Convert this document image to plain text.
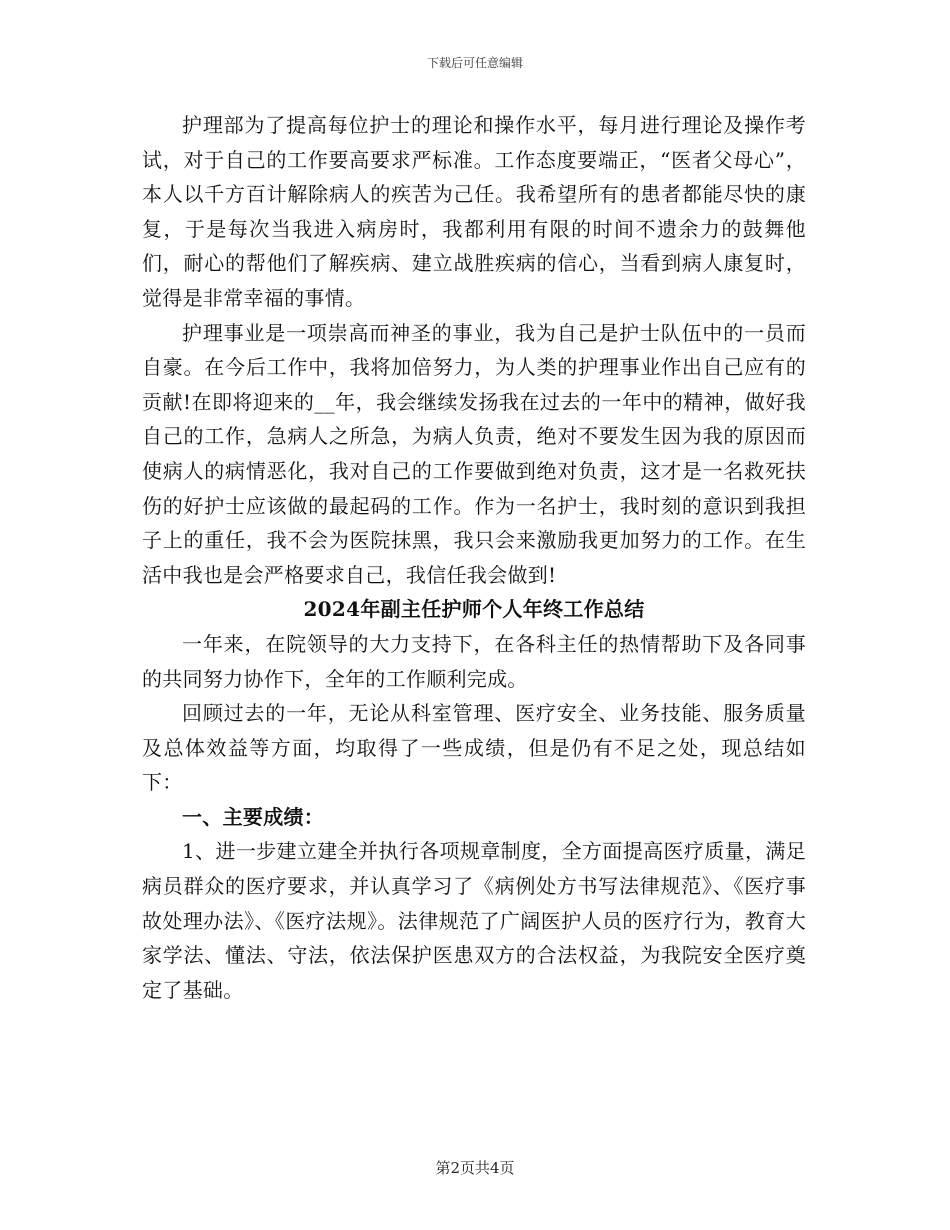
下载后可任意编辑

护理部为了提高每位护士的理论和操作水平，每月进行理论及操作考试，对于自己的工作要高要求严标准。工作态度要端正，“医者父母心”，本人以千方百计解除病人的疾苦为己任。我希望所有的患者都能尽快的康复，于是每次当我进入病房时，我都利用有限的时间不遗余力的鼓舞他们，耐心的帮他们了解疾病、建立战胜疾病的信心，当看到病人康复时，觉得是非常幸福的事情。

护理事业是一项崇高而神圣的事业，我为自己是护士队伍中的一员而自豪。在今后工作中，我将加倍努力，为人类的护理事业作出自己应有的贡献!在即将迎来的__年，我会继续发扬我在过去的一年中的精神，做好我自己的工作，急病人之所急，为病人负责，绝对不要发生因为我的原因而使病人的病情恶化，我对自己的工作要做到绝对负责，这才是一名救死扶伤的好护士应该做的最起码的工作。作为一名护士，我时刻的意识到我担子上的重任，我不会为医院抹黑，我只会来激励我更加努力的工作。在生活中我也是会严格要求自己，我信任我会做到!

2024年副主任护师个人年终工作总结

一年来，在院领导的大力支持下，在各科主任的热情帮助下及各同事的共同努力协作下，全年的工作顺利完成。

回顾过去的一年，无论从科室管理、医疗安全、业务技能、服务质量及总体效益等方面，均取得了一些成绩，但是仍有不足之处，现总结如下：

一、主要成绩：

1、进一步建立建全并执行各项规章制度，全方面提高医疗质量，满足病员群众的医疗要求，并认真学习了《病例处方书写法律规范》、《医疗事故处理办法》、《医疗法规》。法律规范了广阔医护人员的医疗行为，教育大家学法、懂法、守法，依法保护医患双方的合法权益，为我院安全医疗奠定了基础。

第2页共4页
